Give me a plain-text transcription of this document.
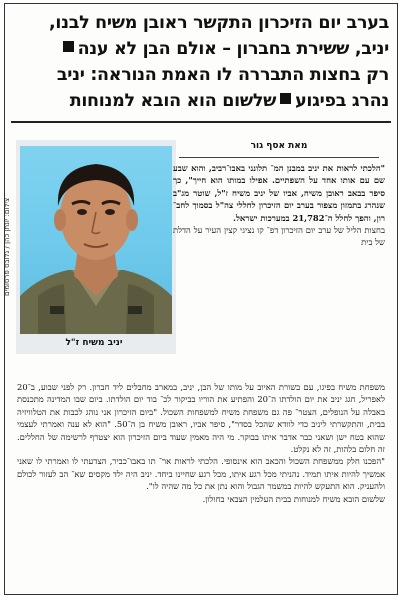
בערב יום הזיכרון התקשר ראובן משיח לבנו,
יניב, ששירת בחברון – אולם הבן לא ענה
רק בחצות התבררה לו האמת הנוראה: יניב
נהרג בפיגועשלשום הוא הובא למנוחות
צילום: יונתן כהן / גלובס פרסומים
יניב משיח ז"ל
מאת אסף גור

"הלכתי לראות את יניב במבנן המ־ תלונני באבו־רביב, והוא שבע שם עם אותו אחד על השפתיים. אפילו במותו הוא חייך", כך סיפר בבאב ראובן משיח, אביו של יניב משיח ז"ל, שוטר מג"ב שנהרג בתמזון מצפור בערב יום הזיכרון לחללי צה"ל בסמוך לחב־ רון, והפך לחלל ה־21,782 במערכות ישראל.

בחצות הליל של ערב יום הזיכרון דפ־ קו נציגי קצין העיר על הדלת של בית

משפחת משיח בפיגו, עם בשורת האיוב על מותו של הבן, יניב, במארב מחבלים ליד חברון. רק לפני שבוע, ב־20 לאפריל, חגג יניב את יום הולדתו ה־20 והפתיע את הוריו בביקור לכ־ בוד יום הולדתו. ביום שבו המדינה מתכנסת באבלה על הנופלים, הצטר־ פה גם משפחת משיח למשפחות השכול. "ביום הזיכרון אני נוהג לכבות את הטלוויזיה בבית, והתקשרתי ליניב כדי לוודא שהכל בסדר", סיפר אביו, ראובן משיח בן ה־50. "הוא לא ענה ואמרתי לעצמי שהוא בטח ישן ושאני כבר אדבר איתו בבוקר. מי היה מאמין שעוד ביום הזיכרון הוא יצטרף לרשימה של החללים. זה חלום בלהות, זה לא נקלט.

"הפכנו חלק ממשפחת השכול והכאב הוא אינסופי. הלכתי לראות אר־ תו באבו־כביר, הצדעתי לו ואמרתי לו שאני אמשיך להיות איתו תמיד. נהניתי מכל רגע איתו, מכל רגע שחיינו ביחד. יניב היה ילד מקסים שא־ הב לעזור לכולם ולהעניק. הוא התעקש להיות במשמר הגבול והוא נתן את כל מה שהיה לו".

שלשום הובא משיח למנוחות בבית העלמין הצבאי בחולון.
